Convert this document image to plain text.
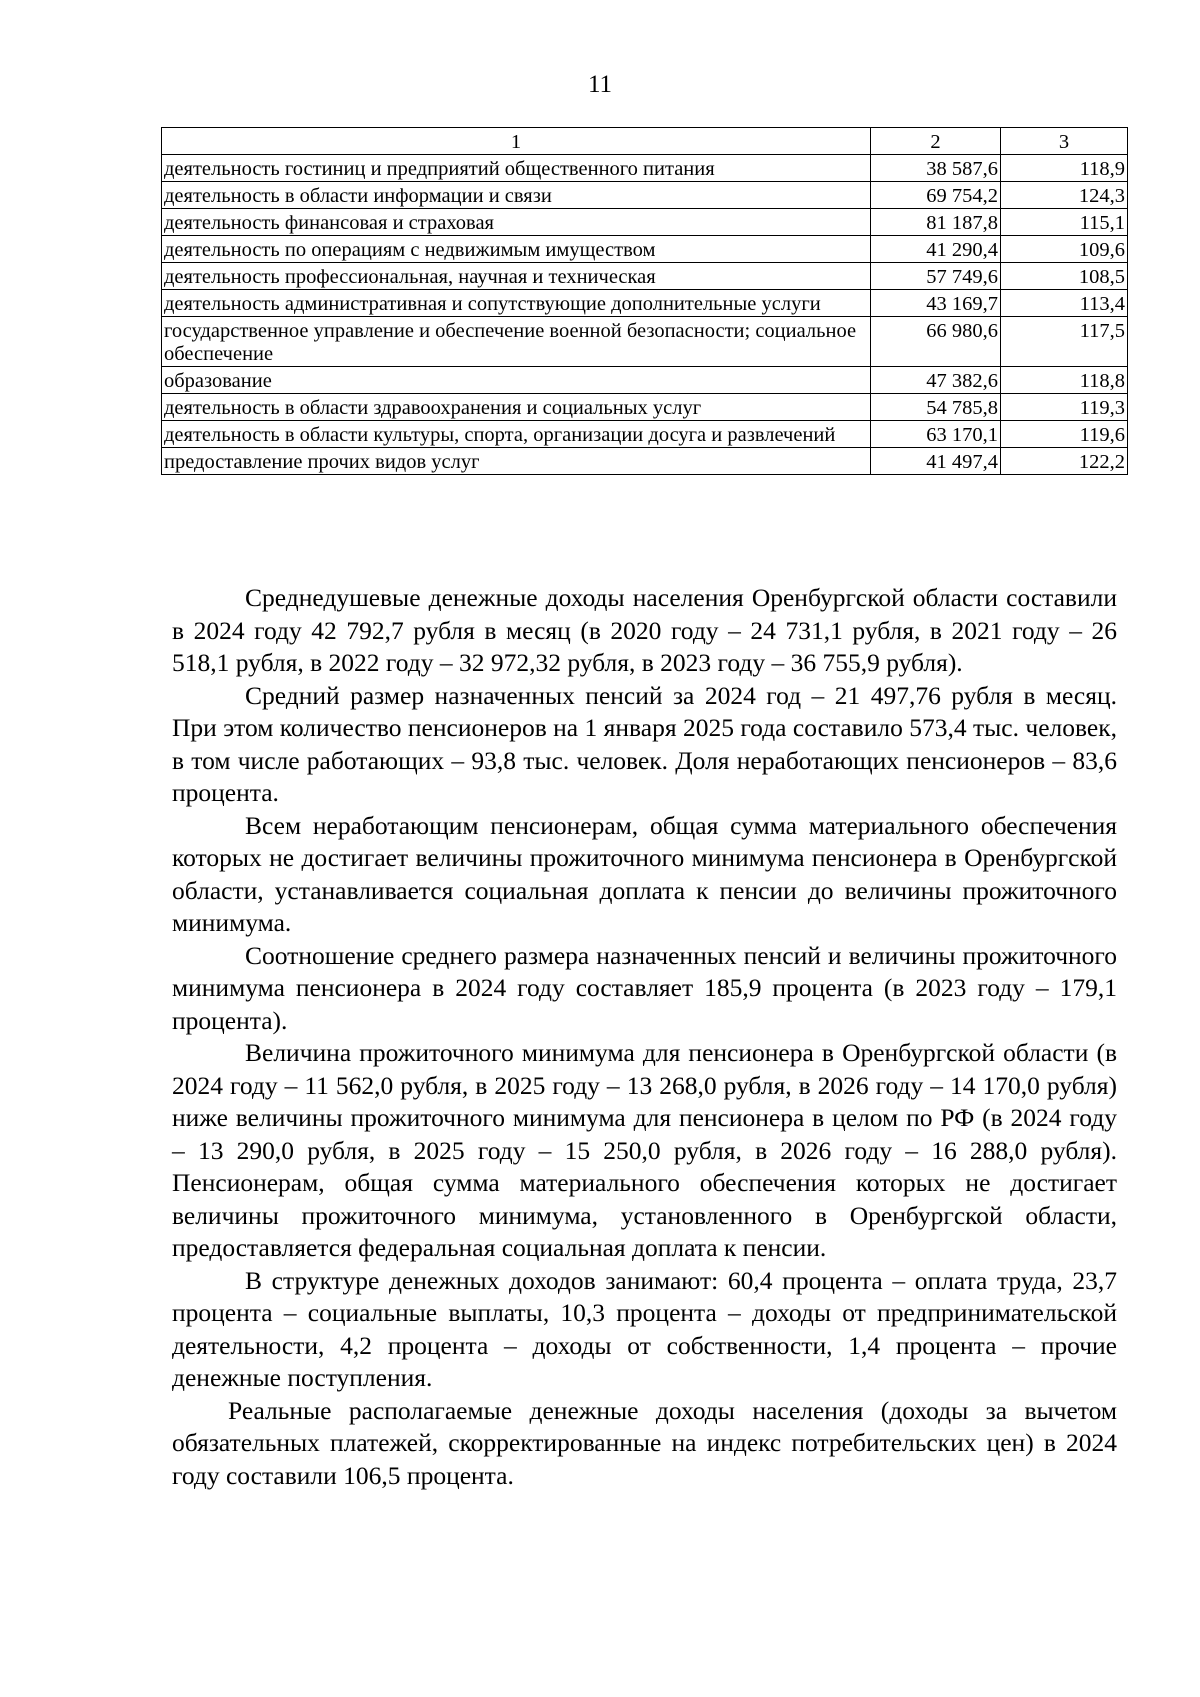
11
1	2	3
деятельность гостиниц и предприятий общественного питания	38 587,6	118,9
деятельность в области информации и связи	69 754,2	124,3
деятельность финансовая и страховая	81 187,8	115,1
деятельность по операциям с недвижимым имуществом	41 290,4	109,6
деятельность профессиональная, научная и техническая	57 749,6	108,5
деятельность административная и сопутствующие дополнительные услуги	43 169,7	113,4
государственное управление и обеспечение военной безопасности; социальное обеспечение	66 980,6	117,5
образование	47 382,6	118,8
деятельность в области здравоохранения и социальных услуг	54 785,8	119,3
деятельность в области культуры, спорта, организации досуга и развлечений	63 170,1	119,6
предоставление прочих видов услуг	41 497,4	122,2

Среднедушевые денежные доходы населения Оренбургской области составили в 2024 году 42 792,7 рубля в месяц (в 2020 году – 24 731,1 рубля, в 2021 году – 26 518,1 рубля, в 2022 году – 32 972,32 рубля, в 2023 году – 36 755,9 рубля).

Средний размер назначенных пенсий за 2024 год – 21 497,76 рубля в месяц. При этом количество пенсионеров на 1 января 2025 года составило 573,4 тыс. человек, в том числе работающих – 93,8 тыс. человек. Доля неработающих пенсионеров – 83,6 процента.

Всем неработающим пенсионерам, общая сумма материального обеспечения которых не достигает величины прожиточного минимума пенсионера в Оренбургской области, устанавливается социальная доплата к пенсии до величины прожиточного минимума.

Соотношение среднего размера назначенных пенсий и величины прожиточного минимума пенсионера в 2024 году составляет 185,9 процента (в 2023 году – 179,1 процента).

Величина прожиточного минимума для пенсионера в Оренбургской области (в 2024 году – 11 562,0 рубля, в 2025 году – 13 268,0 рубля, в 2026 году – 14 170,0 рубля) ниже величины прожиточного минимума для пенсионера в целом по РФ (в 2024 году – 13 290,0 рубля, в 2025 году – 15 250,0 рубля, в 2026 году – 16 288,0 рубля). Пенсионерам, общая сумма материального обеспечения которых не достигает величины прожиточного минимума, установленного в Оренбургской области, предоставляется федеральная социальная доплата к пенсии.

В структуре денежных доходов занимают: 60,4 процента – оплата труда, 23,7 процента – социальные выплаты, 10,3 процента – доходы от предпринимательской деятельности, 4,2 процента – доходы от собственности, 1,4 процента – прочие денежные поступления.

Реальные располагаемые денежные доходы населения (доходы за вычетом обязательных платежей, скорректированные на индекс потребительских цен) в 2024 году составили 106,5 процента.
